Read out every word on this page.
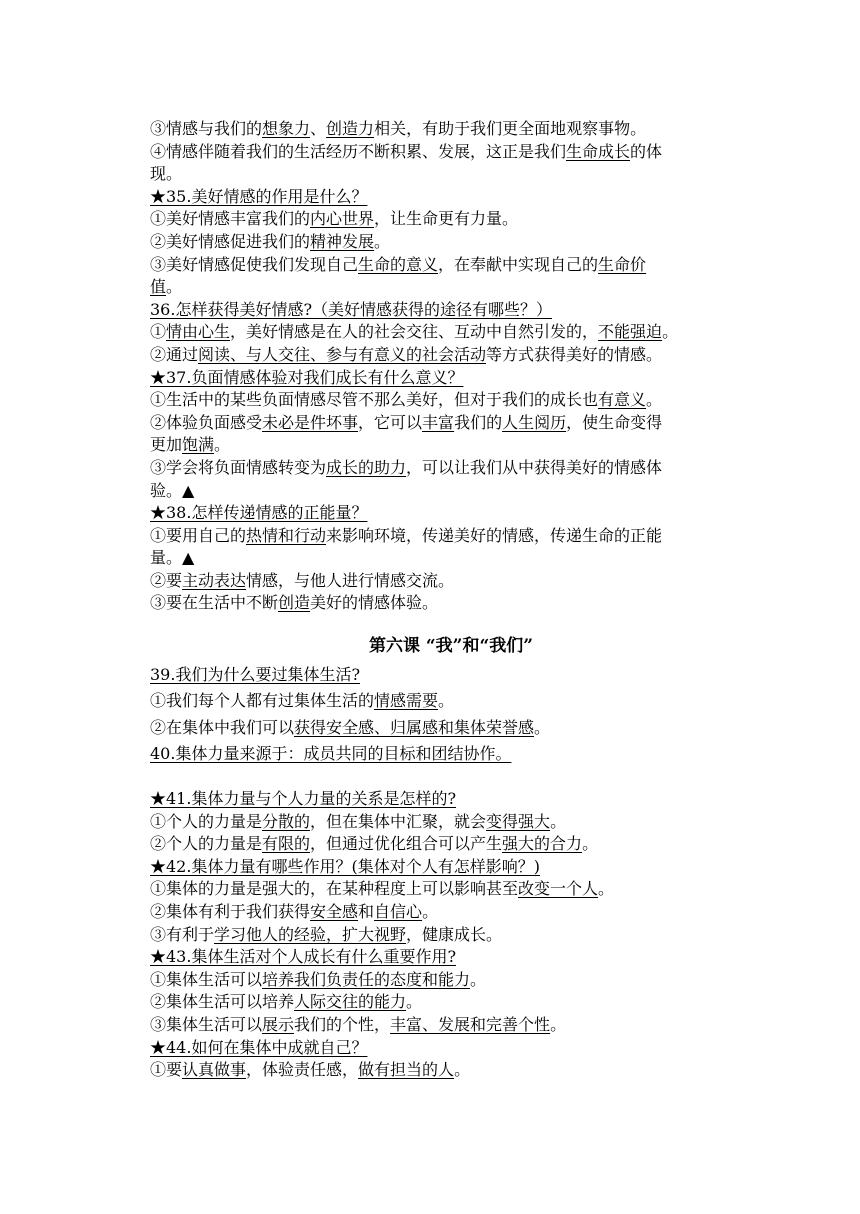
③情感与我们的想象力、创造力相关，有助于我们更全面地观察事物。
④情感伴随着我们的生活经历不断积累、发展，这正是我们生命成长的体
现。
★35.美好情感的作用是什么？
①美好情感丰富我们的内心世界，让生命更有力量。
②美好情感促进我们的精神发展。
③美好情感促使我们发现自己生命的意义，在奉献中实现自己的生命价
值。
36.怎样获得美好情感?（美好情感获得的途径有哪些？）
①情由心生，美好情感是在人的社会交往、互动中自然引发的，不能强迫。
②通过阅读、与人交往、参与有意义的社会活动等方式获得美好的情感。
★37.负面情感体验对我们成长有什么意义？
①生活中的某些负面情感尽管不那么美好，但对于我们的成长也有意义。
②体验负面感受未必是件坏事，它可以丰富我们的人生阅历，使生命变得
更加饱满。
③学会将负面情感转变为成长的助力，可以让我们从中获得美好的情感体
验。▲
★38.怎样传递情感的正能量？
①要用自己的热情和行动来影响环境，传递美好的情感，传递生命的正能
量。▲
②要主动表达情感，与他人进行情感交流。
③要在生活中不断创造美好的情感体验。
第六课 “我”和“我们”
39.我们为什么要过集体生活?
①我们每个人都有过集体生活的情感需要。
②在集体中我们可以获得安全感、归属感和集体荣誉感。
40.集体力量来源于：成员共同的目标和团结协作。
★41.集体力量与个人力量的关系是怎样的?
①个人的力量是分散的，但在集体中汇聚，就会变得强大。
②个人的力量是有限的，但通过优化组合可以产生强大的合力。
★42.集体力量有哪些作用？(集体对个人有怎样影响？)
①集体的力量是强大的，在某种程度上可以影响甚至改变一个人。
②集体有利于我们获得安全感和自信心。
③有利于学习他人的经验，扩大视野，健康成长。
★43.集体生活对个人成长有什么重要作用?
①集体生活可以培养我们负责任的态度和能力。
②集体生活可以培养人际交往的能力。
③集体生活可以展示我们的个性，丰富、发展和完善个性。
★44.如何在集体中成就自己？
①要认真做事，体验责任感，做有担当的人。
